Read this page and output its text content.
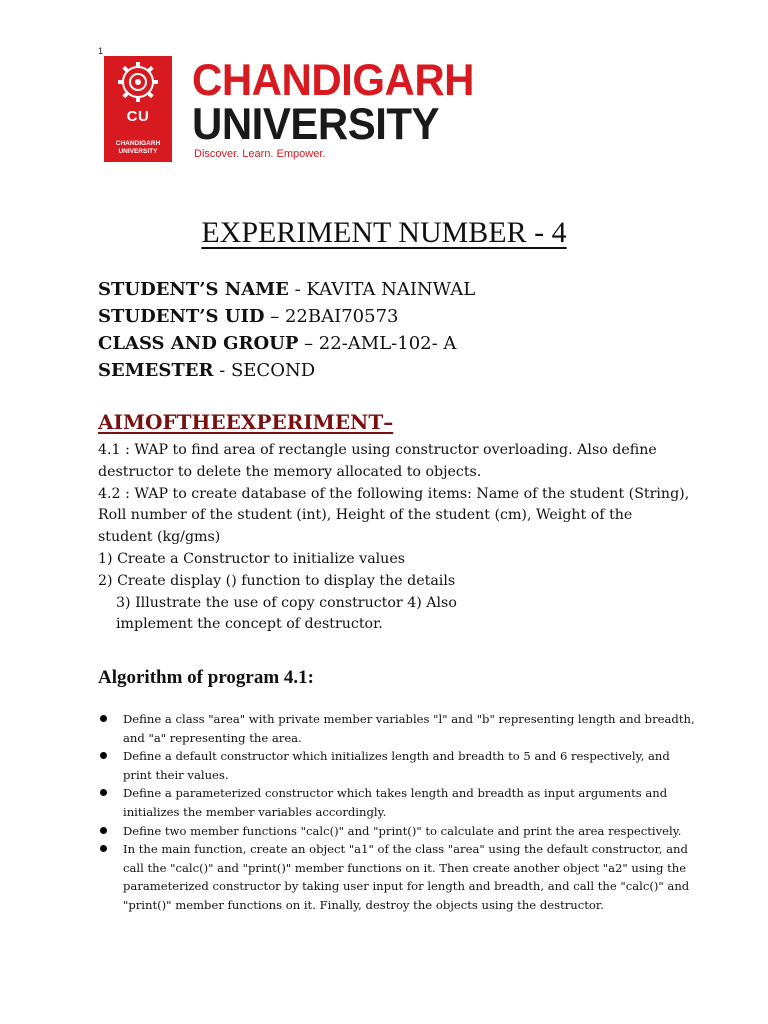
1
CU
CHANDIGARH
UNIVERSITY
CHANDIGARH
UNIVERSITY
Discover. Learn. Empower.
EXPERIMENT NUMBER - 4
STUDENT’S NAME - KAVITA NAINWAL
STUDENT’S UID – 22BAI70573
CLASS AND GROUP – 22-AML-102- A
SEMESTER - SECOND
AIMOFTHEEXPERIMENT–
4.1 : WAP to find area of rectangle using constructor overloading. Also define
destructor to delete the memory allocated to objects.
4.2 : WAP to create database of the following items: Name of the student (String),
Roll number of the student (int), Height of the student (cm), Weight of the
student (kg/gms)
1) Create a Constructor to initialize values
2) Create display () function to display the details
3) Illustrate the use of copy constructor 4) Also
implement the concept of destructor.
Algorithm of program 4.1:
Define a class "area" with private member variables "l" and "b" representing length and breadth, and "a" representing the area.
Define a default constructor which initializes length and breadth to 5 and 6 respectively, and print their values.
Define a parameterized constructor which takes length and breadth as input arguments and initializes the member variables accordingly.
Define two member functions "calc()" and "print()" to calculate and print the area respectively.
In the main function, create an object "a1" of the class "area" using the default constructor, and call the "calc()" and "print()" member functions on it. Then create another object "a2" using the parameterized constructor by taking user input for length and breadth, and call the "calc()" and "print()" member functions on it. Finally, destroy the objects using the destructor.
